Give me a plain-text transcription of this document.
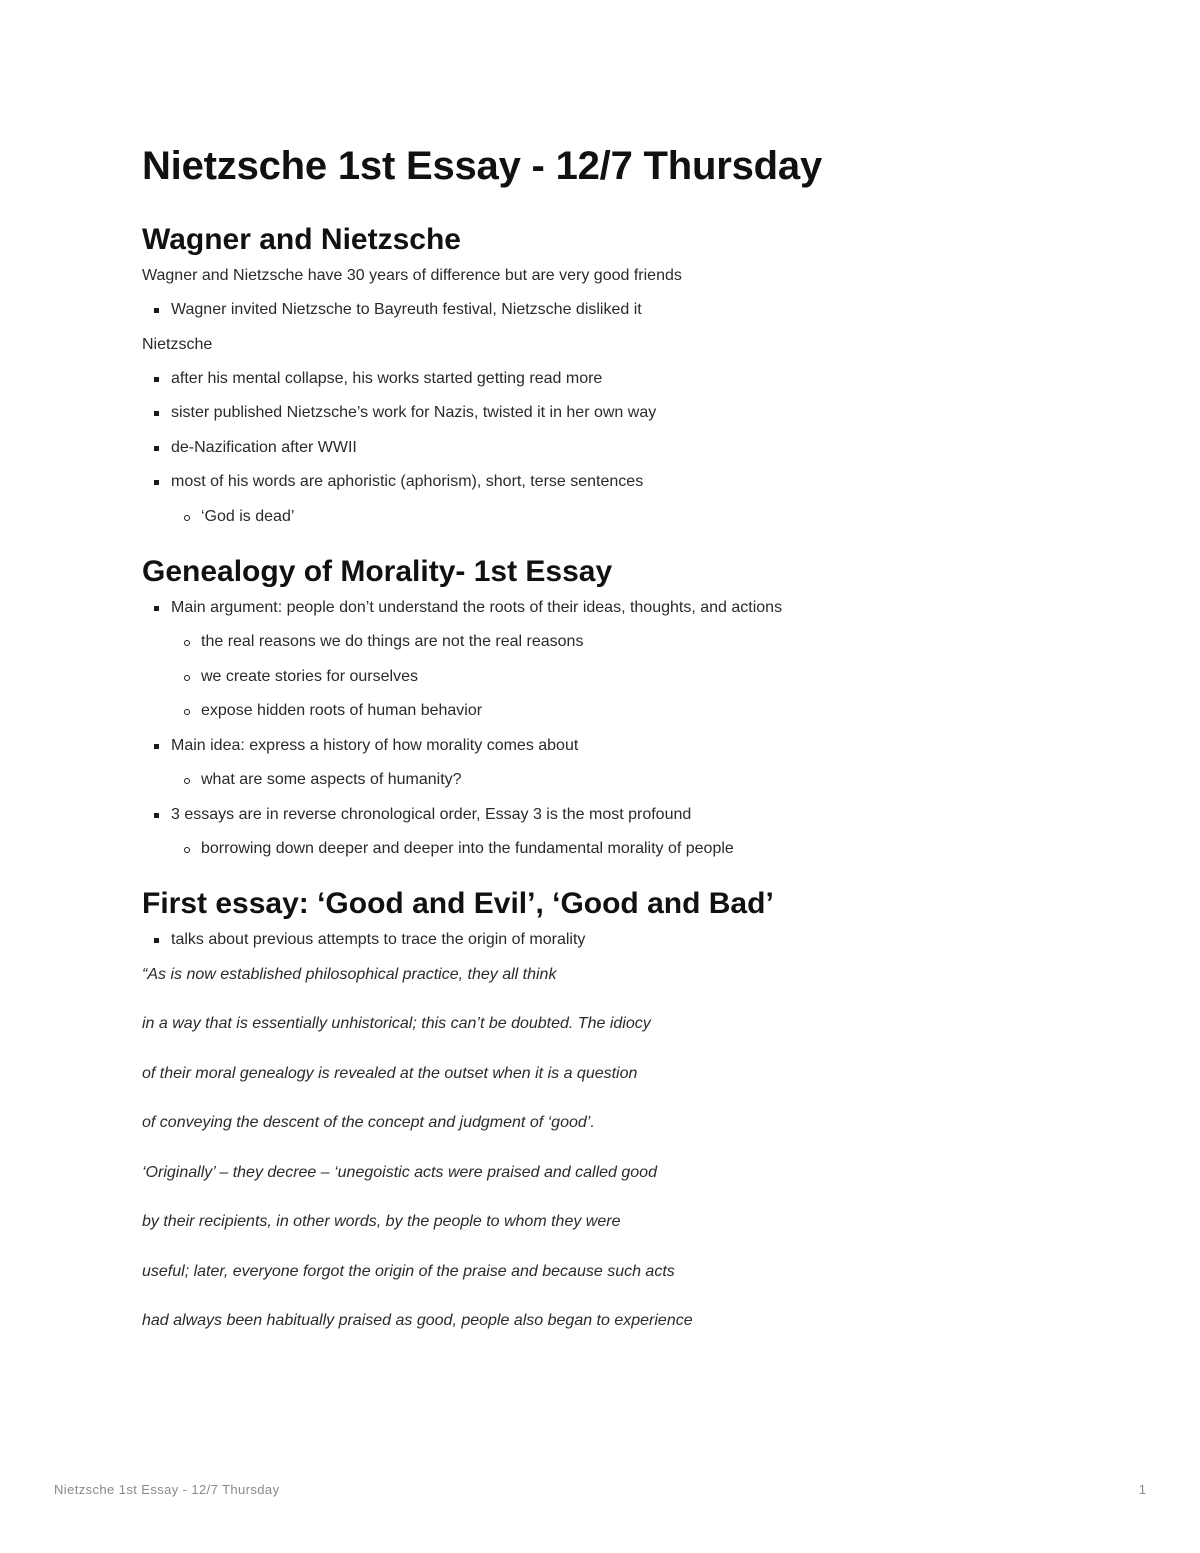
Nietzsche 1st Essay - 12/7 Thursday
Wagner and Nietzsche

Wagner and Nietzsche have 30 years of difference but are very good friends

Wagner invited Nietzsche to Bayreuth festival, Nietzsche disliked it

Nietzsche

after his mental collapse, his works started getting read more
sister published Nietzsche’s work for Nazis, twisted it in her own way
de-Nazification after WWII
most of his words are aphoristic (aphorism), short, terse sentences
‘God is dead’
Genealogy of Morality- 1st Essay
Main argument: people don’t understand the roots of their ideas, thoughts, and actions
the real reasons we do things are not the real reasons
we create stories for ourselves
expose hidden roots of human behavior
Main idea: express a history of how morality comes about
what are some aspects of humanity?
3 essays are in reverse chronological order, Essay 3 is the most profound
borrowing down deeper and deeper into the fundamental morality of people
First essay: ‘Good and Evil’, ‘Good and Bad’
talks about previous attempts to trace the origin of morality

“As is now established philosophical practice, they all think

in a way that is essentially unhistorical; this can’t be doubted. The idiocy

of their moral genealogy is revealed at the outset when it is a question

of conveying the descent of the concept and judgment of ‘good’.

‘Originally’ – they decree – ‘unegoistic acts were praised and called good

by their recipients, in other words, by the people to whom they were

useful; later, everyone forgot the origin of the praise and because such acts

had always been habitually praised as good, people also began to experience

Nietzsche 1st Essay - 12/7 Thursday	1
